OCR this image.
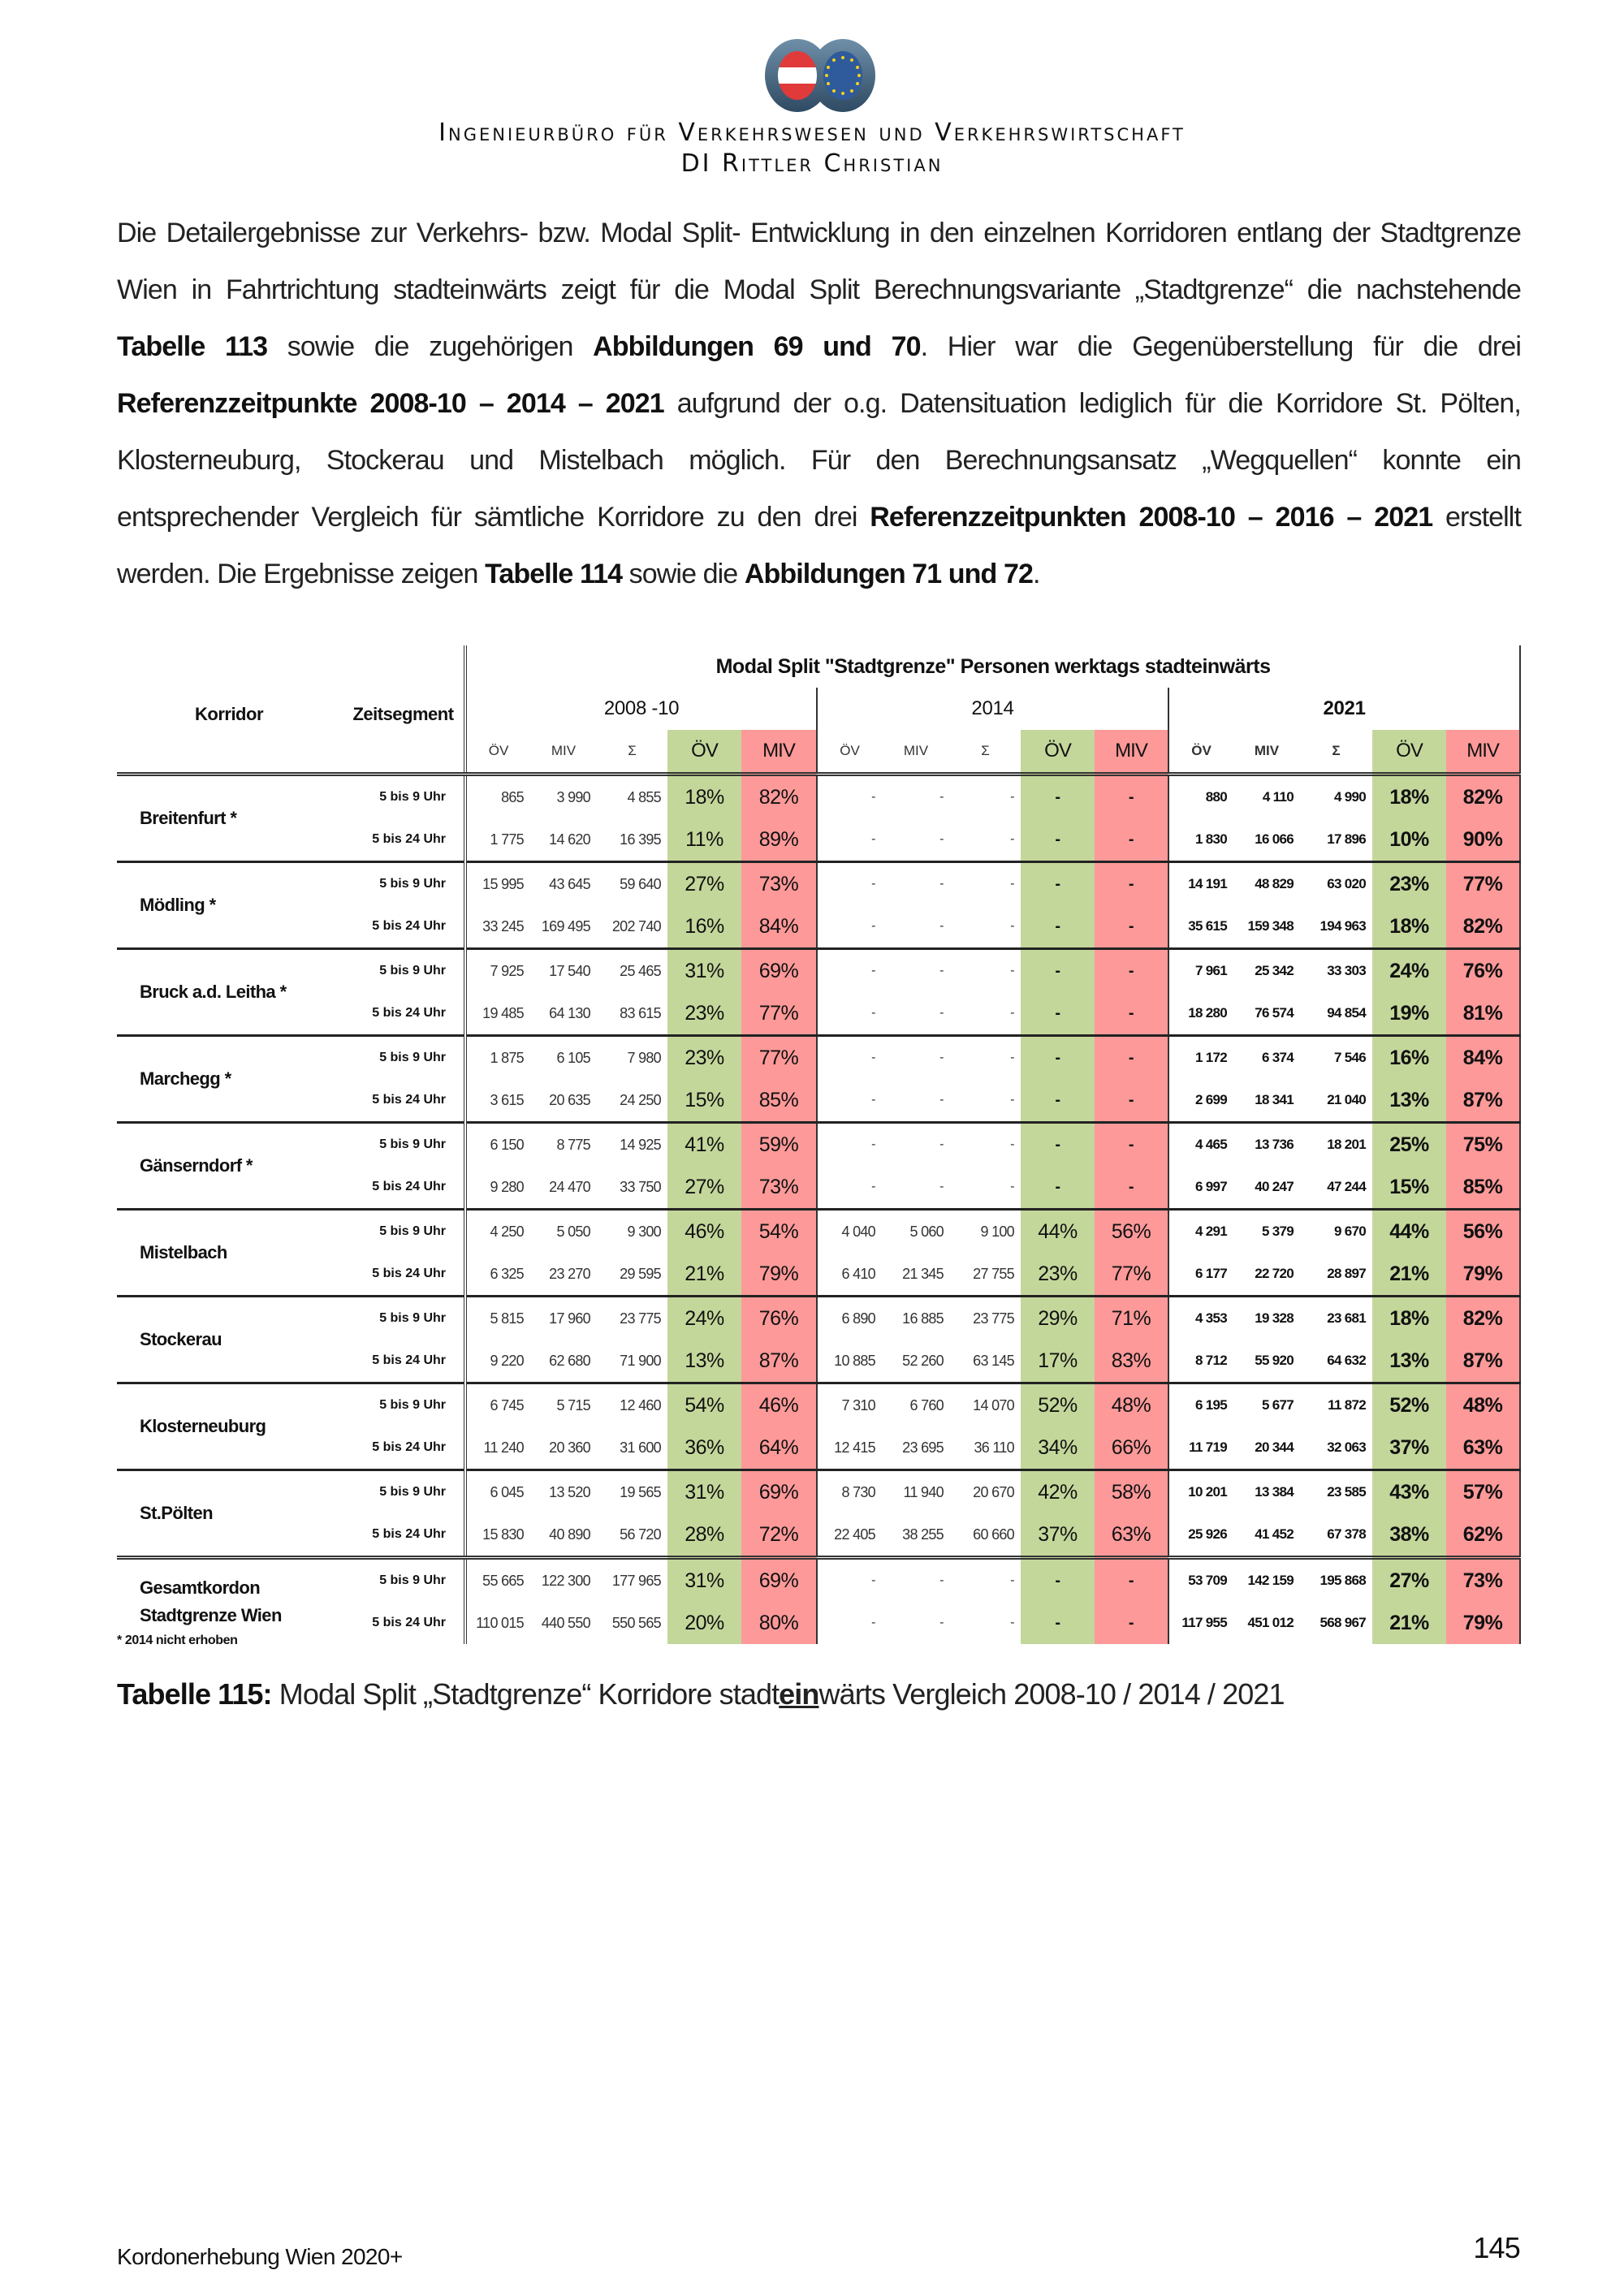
Ingenieurbüro für Verkehrswesen und Verkehrswirtschaft
DI Rittler Christian
Die Detailergebnisse zur Verkehrs- bzw. Modal Split- Entwicklung in den einzelnen Korridoren entlang der Stadtgrenze
Wien in Fahrtrichtung stadteinwärts zeigt für die Modal Split Berechnungsvariante „Stadtgrenze“ die nachstehende
Tabelle 113 sowie die zugehörigen Abbildungen 69 und 70. Hier war die Gegenüberstellung für die drei
Referenzzeitpunkte 2008-10 – 2014 – 2021 aufgrund der o.g. Datensituation lediglich für die Korridore St. Pölten,
Klosterneuburg, Stockerau und Mistelbach möglich. Für den Berechnungsansatz „Wegquellen“ konnte ein
entsprechender Vergleich für sämtliche Korridore zu den drei Referenzzeitpunkten 2008-10 – 2016 – 2021 erstellt
werden. Die Ergebnisse zeigen Tabelle 114 sowie die Abbildungen 71 und 72.
Korridor Zeitsegment		Modal Split "Stadtgrenze" Personen werktags stadteinwärts														
		2008 -10					2014					2021				
		ÖV	MIV	Σ	ÖV	MIV	ÖV	MIV	Σ	ÖV	MIV	ÖV	MIV	Σ	ÖV	MIV
Breitenfurt *	5 bis 9 Uhr	865	3 990	4 855	18%	82%	-	-	-	-	-	880	4 110	4 990	18%	82%
	5 bis 24 Uhr	1 775	14 620	16 395	11%	89%	-	-	-	-	-	1 830	16 066	17 896	10%	90%
Mödling *	5 bis 9 Uhr	15 995	43 645	59 640	27%	73%	-	-	-	-	-	14 191	48 829	63 020	23%	77%
	5 bis 24 Uhr	33 245	169 495	202 740	16%	84%	-	-	-	-	-	35 615	159 348	194 963	18%	82%
Bruck a.d. Leitha *	5 bis 9 Uhr	7 925	17 540	25 465	31%	69%	-	-	-	-	-	7 961	25 342	33 303	24%	76%
	5 bis 24 Uhr	19 485	64 130	83 615	23%	77%	-	-	-	-	-	18 280	76 574	94 854	19%	81%
Marchegg *	5 bis 9 Uhr	1 875	6 105	7 980	23%	77%	-	-	-	-	-	1 172	6 374	7 546	16%	84%
	5 bis 24 Uhr	3 615	20 635	24 250	15%	85%	-	-	-	-	-	2 699	18 341	21 040	13%	87%
Gänserndorf *	5 bis 9 Uhr	6 150	8 775	14 925	41%	59%	-	-	-	-	-	4 465	13 736	18 201	25%	75%
	5 bis 24 Uhr	9 280	24 470	33 750	27%	73%	-	-	-	-	-	6 997	40 247	47 244	15%	85%
Mistelbach	5 bis 9 Uhr	4 250	5 050	9 300	46%	54%	4 040	5 060	9 100	44%	56%	4 291	5 379	9 670	44%	56%
	5 bis 24 Uhr	6 325	23 270	29 595	21%	79%	6 410	21 345	27 755	23%	77%	6 177	22 720	28 897	21%	79%
Stockerau	5 bis 9 Uhr	5 815	17 960	23 775	24%	76%	6 890	16 885	23 775	29%	71%	4 353	19 328	23 681	18%	82%
	5 bis 24 Uhr	9 220	62 680	71 900	13%	87%	10 885	52 260	63 145	17%	83%	8 712	55 920	64 632	13%	87%
Klosterneuburg	5 bis 9 Uhr	6 745	5 715	12 460	54%	46%	7 310	6 760	14 070	52%	48%	6 195	5 677	11 872	52%	48%
	5 bis 24 Uhr	11 240	20 360	31 600	36%	64%	12 415	23 695	36 110	34%	66%	11 719	20 344	32 063	37%	63%
St.Pölten	5 bis 9 Uhr	6 045	13 520	19 565	31%	69%	8 730	11 940	20 670	42%	58%	10 201	13 384	23 585	43%	57%
	5 bis 24 Uhr	15 830	40 890	56 720	28%	72%	22 405	38 255	60 660	37%	63%	25 926	41 452	67 378	38%	62%
Gesamtkordon
Stadtgrenze Wien	5 bis 9 Uhr	55 665	122 300	177 965	31%	69%	-	-	-	-	-	53 709	142 159	195 868	27%	73%
	5 bis 24 Uhr	110 015	440 550	550 565	20%	80%	-	-	-	-	-	117 955	451 012	568 967	21%	79%
* 2014 nicht erhoben
Tabelle 115: Modal Split „Stadtgrenze“ Korridore stadteinwärts Vergleich 2008-10 / 2014 / 2021
Kordonerhebung Wien 2020+	145
